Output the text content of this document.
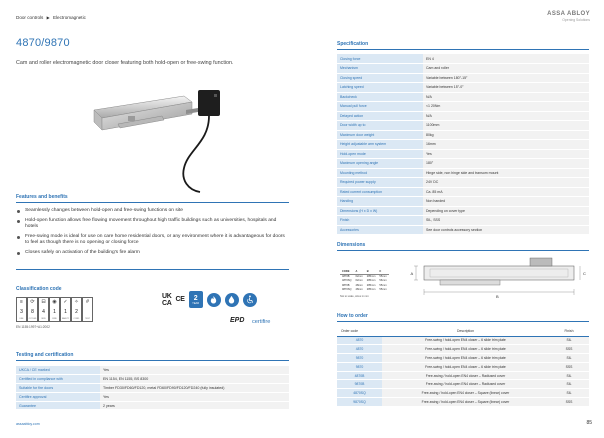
Door controls ▶ Electromagnetic
ASSA ABLOY
Opening Solutions
4870/9870
Cam and roller electromagnetic door closer featuring both hold-open or free-swing function.
Features and benefits
Seamlessly changes between hold-open and free-swing functions on site
Hold-open function allows free flowing movement throughout high traffic buildings such as universities, hospitals and hotels
Free-swing mode is ideal for use on care home residential doors, or any environment where it is advantageous for doors to feel as though there is no opening or closing force
Closes safely on activation of the building's fire alarm
Classification code
≡
3
USE
⟳
8
CYCLES
⊟
4
SIZE
◉
1
FIRE
✓
1
SAFETY
✧
2
CORR.
#
TEST
EN 1155:1997+A1:2002
UK
CA CE 2
YEAR
EPD certifire
Testing and certification
UKCA / CE marked	Yes
Certified in compliance with	EN 1154, EN 1155, BS 8300
Suitable for fire doors	Timber FD30/FD60/FD120, metal FD60/FD90/FD120/FD240 (fully insulated)
Certifire approval	Yes
Guarantee	2 years
assaabloy.com
Specification
Closing force	EN 4
Mechanism	Cam and roller
Closing speed	Variable between 180°-15°
Latching speed	Variable between 15°-0°
Backcheck	N/A
Manual pull force	<1 20Nm
Delayed action	N/A
Door width up to	1100mm
Maximum door weight	80kg
Height adjustable arm system	16mm
Hold-open mode	Yes
Maximum opening angle	180°
Mounting method	Hinge side, non hinge side and transom mount
Required power supply	24V DC
Rated current consumption	Ca. 85 mA
Handing	Non handed
Dimensions (H x D x W)	Depending on cover type
Finish	SIL, SSS
Accessories	See door controls accessory section
Dimensions
CODE	A	B	C
4870B	62mm	285mm	55mm
4870SQ	62mm	285mm	56mm
9870B	48mm	285mm	55mm
9870SQ	48mm	285mm	55mm
Not to scale, sizes in mm
A
B
C
How to order
Order code	Description	Finish
4870	Free-swing / hold-open EN4 closer – 6 slide trim plate	SIL
4870	Free-swing / hold-open EN4 closer – 6 slide trim plate	SSS
9870	Free-swing / hold-open EN4 closer – 6 slide trim plate	SIL
9870	Free-swing / hold-open EN4 closer – 6 slide trim plate	SSS
4870B	Free-swing / hold-open EN4 closer – Radiused cover	SIL
9870B	Free-swing / hold-open EN4 closer – Radiused cover	SIL
4870SQ	Free-swing / hold-open EN4 closer – Square (linear) cover	SIL
9870SQ	Free-swing / hold-open EN4 closer – Square (linear) cover	SSS
85
